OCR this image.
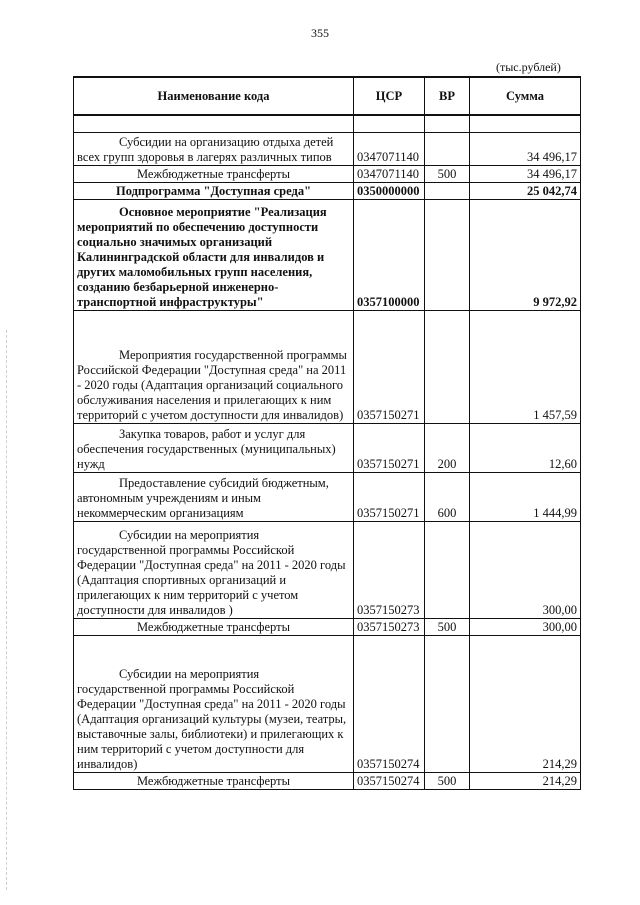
355
(тыс.рублей)
Наименование кода	ЦСР	ВР	Сумма

Субсидии на организацию отдыха детей всех групп здоровья в лагерях различных типов	0347071140		34 496,17

Межбюджетные трансферты	0347071140	500	34 496,17

Подпрограмма "Доступная среда"	0350000000		25 042,74

Основное мероприятие "Реализация мероприятий по обеспечению доступности социально значимых организаций Калининградской области для инвалидов и других маломобильных групп населения, созданию безбарьерной инженерно-транспортной инфраструктуры"	0357100000		9 972,92

Мероприятия государственной программы Российской Федерации "Доступная среда" на 2011 - 2020 годы (Адаптация организаций социального обслуживания населения и прилегающих к ним территорий с учетом доступности для инвалидов)	0357150271		1 457,59

Закупка товаров, работ и услуг для обеспечения государственных (муниципальных) нужд	0357150271	200	12,60

Предоставление субсидий бюджетным, автономным учреждениям и иным некоммерческим организациям	0357150271	600	1 444,99

Субсидии на мероприятия государственной программы Российской Федерации "Доступная среда" на 2011 - 2020 годы (Адаптация спортивных организаций и прилегающих к ним территорий с учетом доступности для инвалидов )	0357150273		300,00

Межбюджетные трансферты	0357150273	500	300,00

Субсидии на мероприятия государственной программы Российской Федерации "Доступная среда" на 2011 - 2020 годы (Адаптация организаций культуры (музеи, театры, выставочные залы, библиотеки) и прилегающих к ним территорий с учетом доступности для инвалидов)	0357150274		214,29

Межбюджетные трансферты	0357150274	500	214,29
